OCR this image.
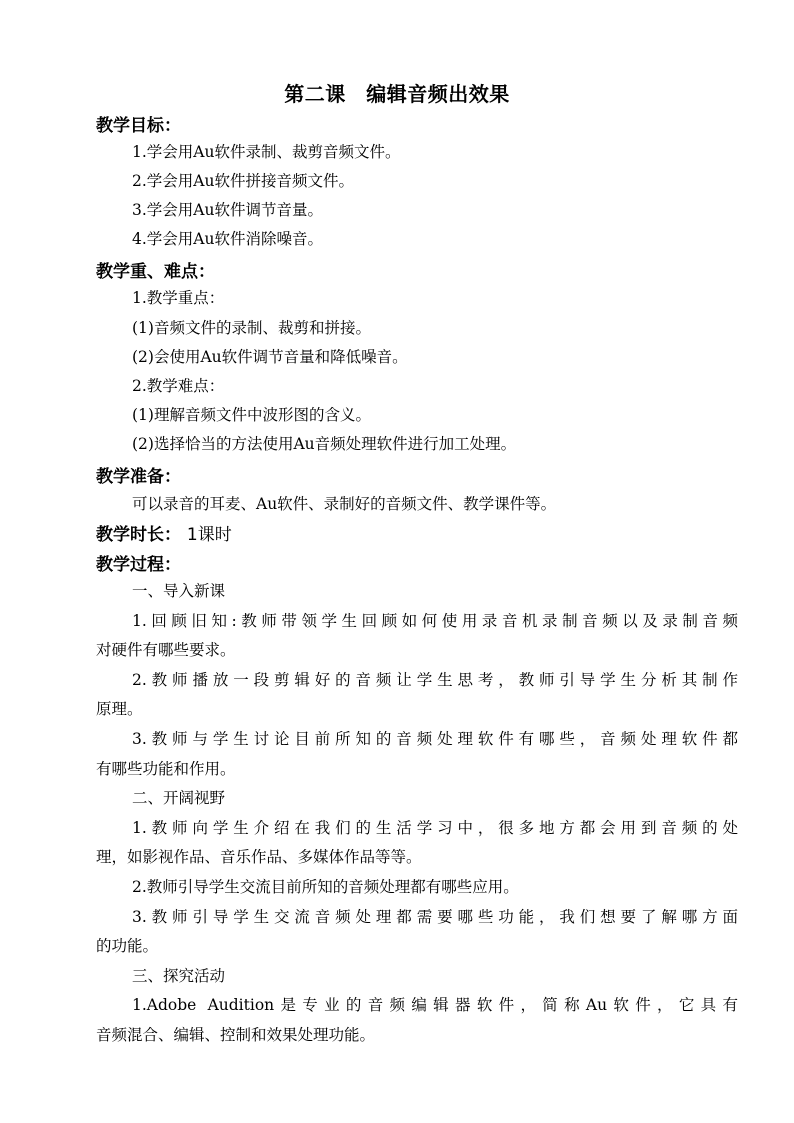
第二课　编辑音频出效果
教学目标：
1.学会用Au软件录制、裁剪音频文件。
2.学会用Au软件拼接音频文件。
3.学会用Au软件调节音量。
4.学会用Au软件消除噪音。
教学重、难点：
1.教学重点：
(1)音频文件的录制、裁剪和拼接。
(2)会使用Au软件调节音量和降低噪音。
2.教学难点：
(1)理解音频文件中波形图的含义。
(2)选择恰当的方法使用Au音频处理软件进行加工处理。
教学准备：
可以录音的耳麦、Au软件、录制好的音频文件、教学课件等。
教学时长： 1课时
教学过程：
一、导入新课
1.回顾旧知:教师带领学生回顾如何使用录音机录制音频以及录制音频
对硬件有哪些要求。
2.教师播放一段剪辑好的音频让学生思考，教师引导学生分析其制作
原理。
3.教师与学生讨论目前所知的音频处理软件有哪些，音频处理软件都
有哪些功能和作用。
二、开阔视野
1.教师向学生介绍在我们的生活学习中，很多地方都会用到音频的处
理，如影视作品、音乐作品、多媒体作品等等。
2.教师引导学生交流目前所知的音频处理都有哪些应用。
3.教师引导学生交流音频处理都需要哪些功能，我们想要了解哪方面
的功能。
三、探究活动
1.Adobe Audition是专业的音频编辑器软件，简称Au软件，它具有
音频混合、编辑、控制和效果处理功能。
